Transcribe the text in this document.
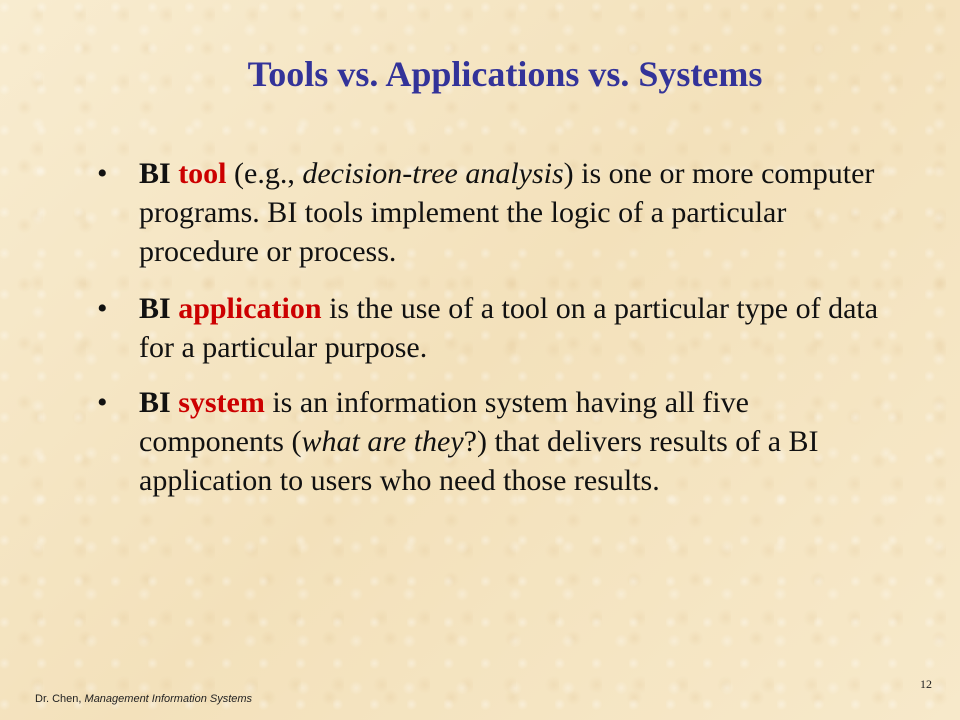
Tools vs. Applications vs. Systems
• BI tool (e.g., decision-tree analysis) is one or more computer programs. BI tools implement the logic of a particular procedure or process.
• BI application is the use of a tool on a particular type of data for a particular purpose.
• BI system is an information system having all five components (what are they?) that delivers results of a BI application to users who need those results.
Dr. Chen, Management Information Systems
12
